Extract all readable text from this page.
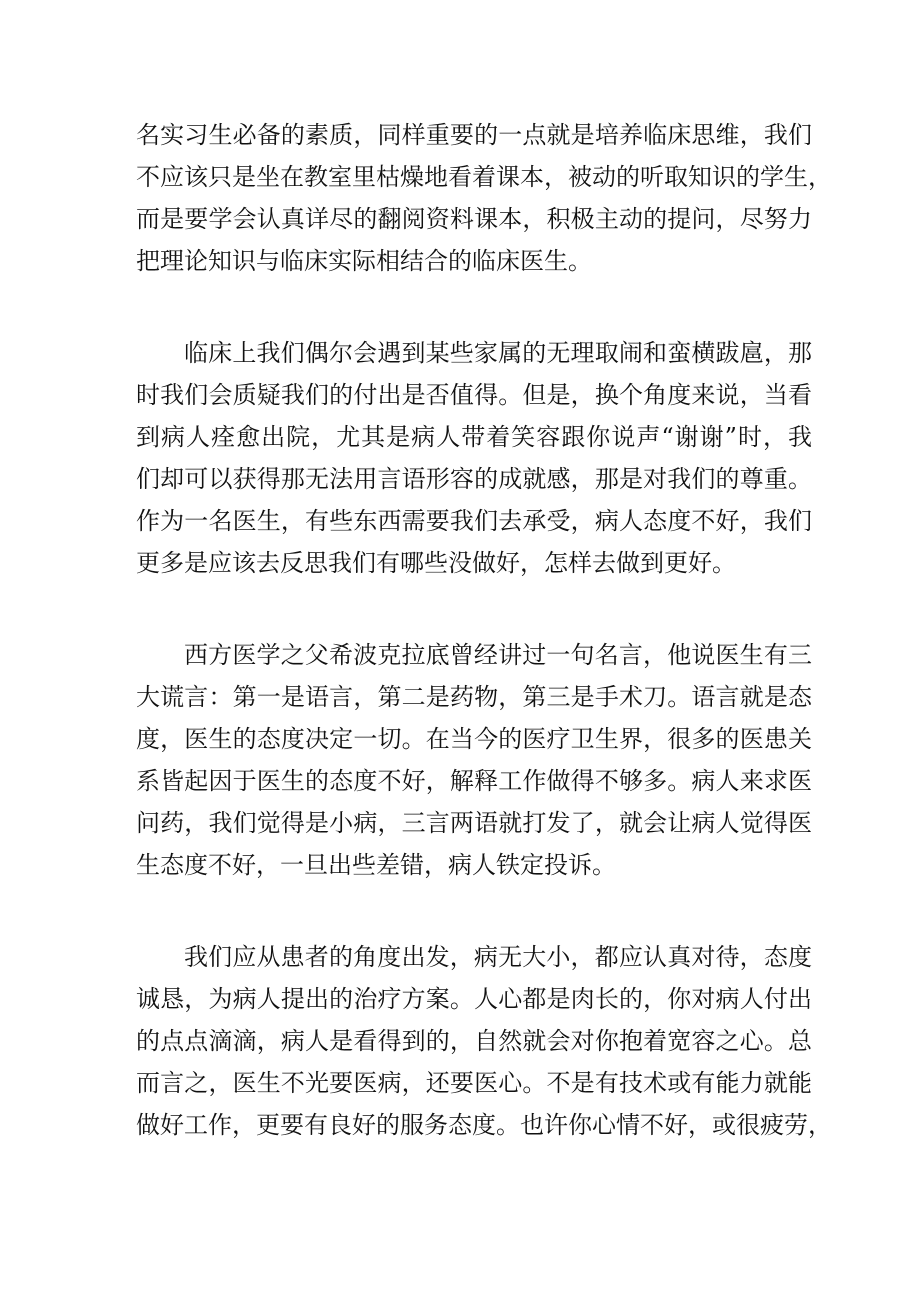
名实习生必备的素质，同样重要的一点就是培养临床思维，我们
不应该只是坐在教室里枯燥地看着课本，被动的听取知识的学生，
而是要学会认真详尽的翻阅资料课本，积极主动的提问，尽努力
把理论知识与临床实际相结合的临床医生。
临床上我们偶尔会遇到某些家属的无理取闹和蛮横跋扈，那
时我们会质疑我们的付出是否值得。但是，换个角度来说，当看
到病人痊愈出院，尤其是病人带着笑容跟你说声“谢谢”时，我
们却可以获得那无法用言语形容的成就感，那是对我们的尊重。
作为一名医生，有些东西需要我们去承受，病人态度不好，我们
更多是应该去反思我们有哪些没做好，怎样去做到更好。
西方医学之父希波克拉底曾经讲过一句名言，他说医生有三
大谎言：第一是语言，第二是药物，第三是手术刀。语言就是态
度，医生的态度决定一切。在当今的医疗卫生界，很多的医患关
系皆起因于医生的态度不好，解释工作做得不够多。病人来求医
问药，我们觉得是小病，三言两语就打发了，就会让病人觉得医
生态度不好，一旦出些差错，病人铁定投诉。
我们应从患者的角度出发，病无大小，都应认真对待，态度
诚恳，为病人提出的治疗方案。人心都是肉长的，你对病人付出
的点点滴滴，病人是看得到的，自然就会对你抱着宽容之心。总
而言之，医生不光要医病，还要医心。不是有技术或有能力就能
做好工作，更要有良好的服务态度。也许你心情不好，或很疲劳，
